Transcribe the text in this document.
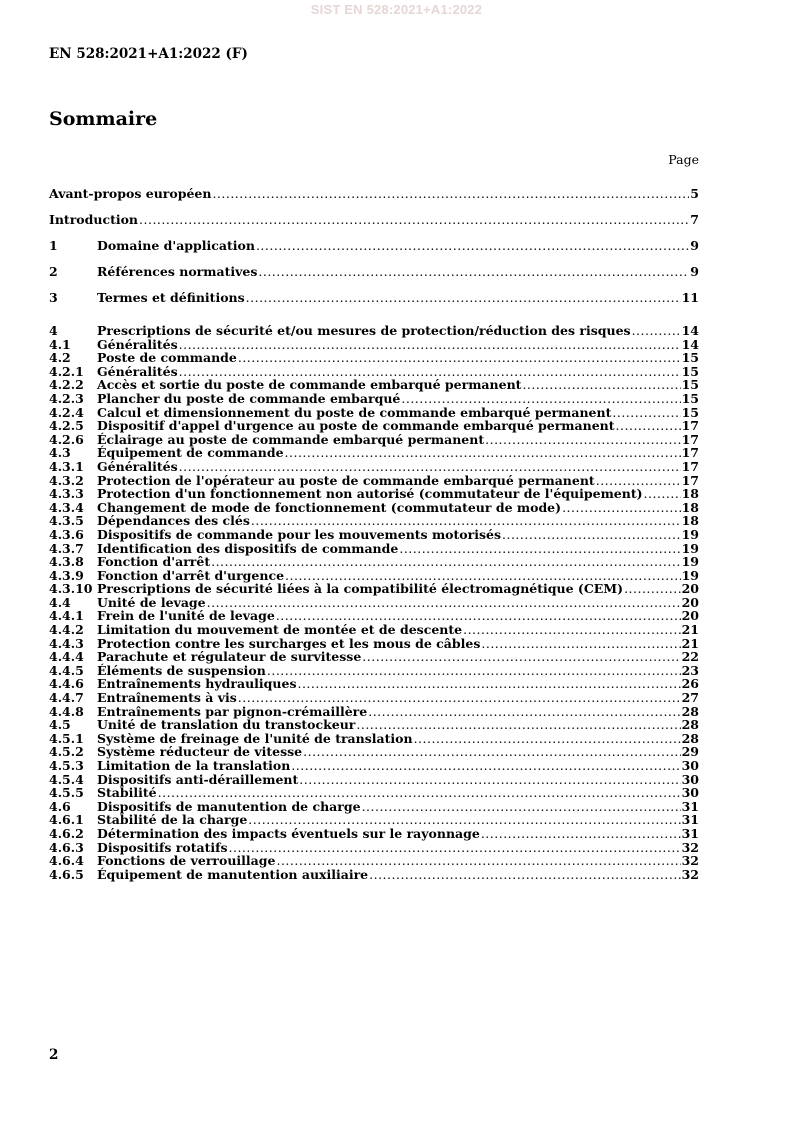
SIST EN 528:2021+A1:2022
EN 528:2021+A1:2022 (F)
Sommaire
Page
Avant-propos européen .....	5
Introduction .....	7
1	Domaine d'application .....	9
2	Références normatives .....	9
3	Termes et définitions .....	11
4	Prescriptions de sécurité et/ou mesures de protection/réduction des risques .....	14
4.1	Généralités .....	14
4.2	Poste de commande .....	15
4.2.1	Généralités .....	15
4.2.2	Accès et sortie du poste de commande embarqué permanent .....	15
4.2.3	Plancher du poste de commande embarqué .....	15
4.2.4	Calcul et dimensionnement du poste de commande embarqué permanent .....	15
4.2.5	Dispositif d'appel d'urgence au poste de commande embarqué permanent .....	17
4.2.6	Éclairage au poste de commande embarqué permanent .....	17
4.3	Équipement de commande .....	17
4.3.1	Généralités .....	17
4.3.2	Protection de l'opérateur au poste de commande embarqué permanent .....	17
4.3.3	Protection d'un fonctionnement non autorisé (commutateur de l'équipement) .....	18
4.3.4	Changement de mode de fonctionnement (commutateur de mode) .....	18
4.3.5	Dépendances des clés .....	18
4.3.6	Dispositifs de commande pour les mouvements motorisés .....	19
4.3.7	Identification des dispositifs de commande .....	19
4.3.8	Fonction d'arrêt .....	19
4.3.9	Fonction d'arrêt d'urgence .....	19
4.3.10 Prescriptions de sécurité liées à la compatibilité électromagnétique (CEM) .....	20
4.4	Unité de levage .....	20
4.4.1	Frein de l'unité de levage .....	20
4.4.2	Limitation du mouvement de montée et de descente .....	21
4.4.3	Protection contre les surcharges et les mous de câbles .....	21
4.4.4	Parachute et régulateur de survitesse .....	22
4.4.5	Éléments de suspension .....	23
4.4.6	Entraînements hydrauliques .....	26
4.4.7	Entraînements à vis .....	27
4.4.8	Entraînements par pignon-crémaillère .....	28
4.5	Unité de translation du transtockeur .....	28
4.5.1	Système de freinage de l'unité de translation .....	28
4.5.2	Système réducteur de vitesse .....	29
4.5.3	Limitation de la translation .....	30
4.5.4	Dispositifs anti-déraillement .....	30
4.5.5	Stabilité .....	30
4.6	Dispositifs de manutention de charge .....	31
4.6.1	Stabilité de la charge .....	31
4.6.2	Détermination des impacts éventuels sur le rayonnage .....	31
4.6.3	Dispositifs rotatifs .....	32
4.6.4	Fonctions de verrouillage .....	32
4.6.5	Équipement de manutention auxiliaire .....	32
2
